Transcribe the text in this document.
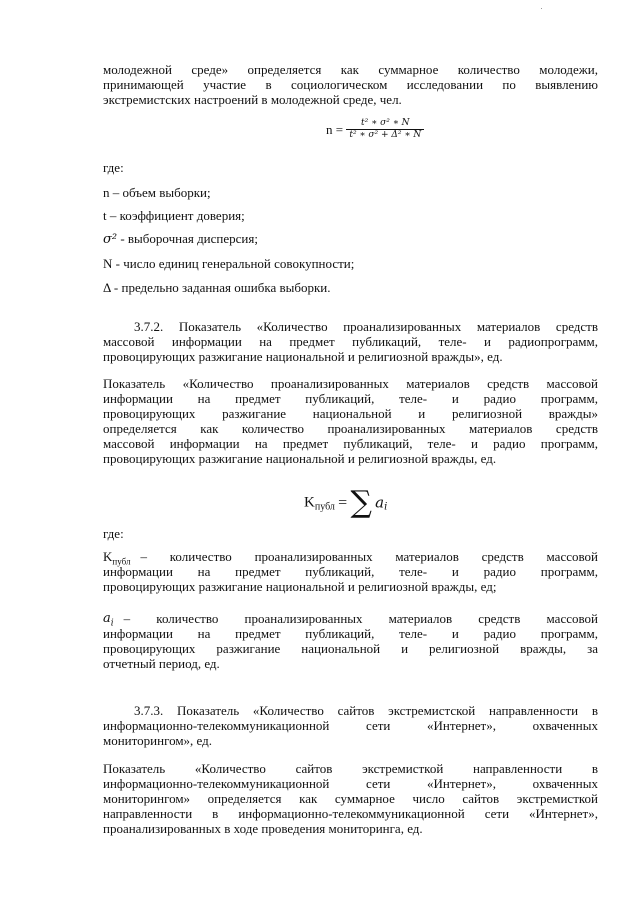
молодежной среде» определяется как суммарное количество молодежи,
принимающей участие в социологическом исследовании по выявлению
экстремистских настроений в молодежной среде, чел.
$n = \frac{\text{t² ∗ σ² ∗ N}}{\text{t² ∗ σ² + Δ² ∗ N}}$
где:
n – объем выборки;
t – коэффициент доверия;
σ² - выборочная дисперсия;
N - число единиц генеральной совокупности;
Δ - предельно заданная ошибка выборки.
3.7.2. Показатель «Количество проанализированных материалов средств
массовой информации на предмет публикаций, теле- и радиопрограмм,
провоцирующих разжигание национальной и религиозной вражды», ед.
Показатель «Количество проанализированных материалов средств массовой
информации на предмет публикаций, теле- и радио программ,
провоцирующих разжигание национальной и религиозной вражды»
определяется как количество проанализированных материалов средств
массовой информации на предмет публикаций, теле- и радио программ,
провоцирующих разжигание национальной и религиозной вражды, ед.
$K_{публ}$ = ∑ $a_i$
где:
$K_{публ}$ – количество проанализированных материалов средств массовой
информации на предмет публикаций, теле- и радио программ,
провоцирующих разжигание национальной и религиозной вражды, ед;
$a_i$ – количество проанализированных материалов средств массовой
информации на предмет публикаций, теле- и радио программ,
провоцирующих разжигание национальной и религиозной вражды, за
отчетный период, ед.
3.7.3. Показатель «Количество сайтов экстремистской направленности в
информационно-телекоммуникационной сети «Интернет», охваченных
мониторингом», ед.
Показатель «Количество сайтов экстремисткой направленности в
информационно-телекоммуникационной сети «Интернет», охваченных
мониторингом» определяется как суммарное число сайтов экстремисткой
направленности в информационно-телекоммуникационной сети «Интернет»,
проанализированных в ходе проведения мониторинга, ед.
